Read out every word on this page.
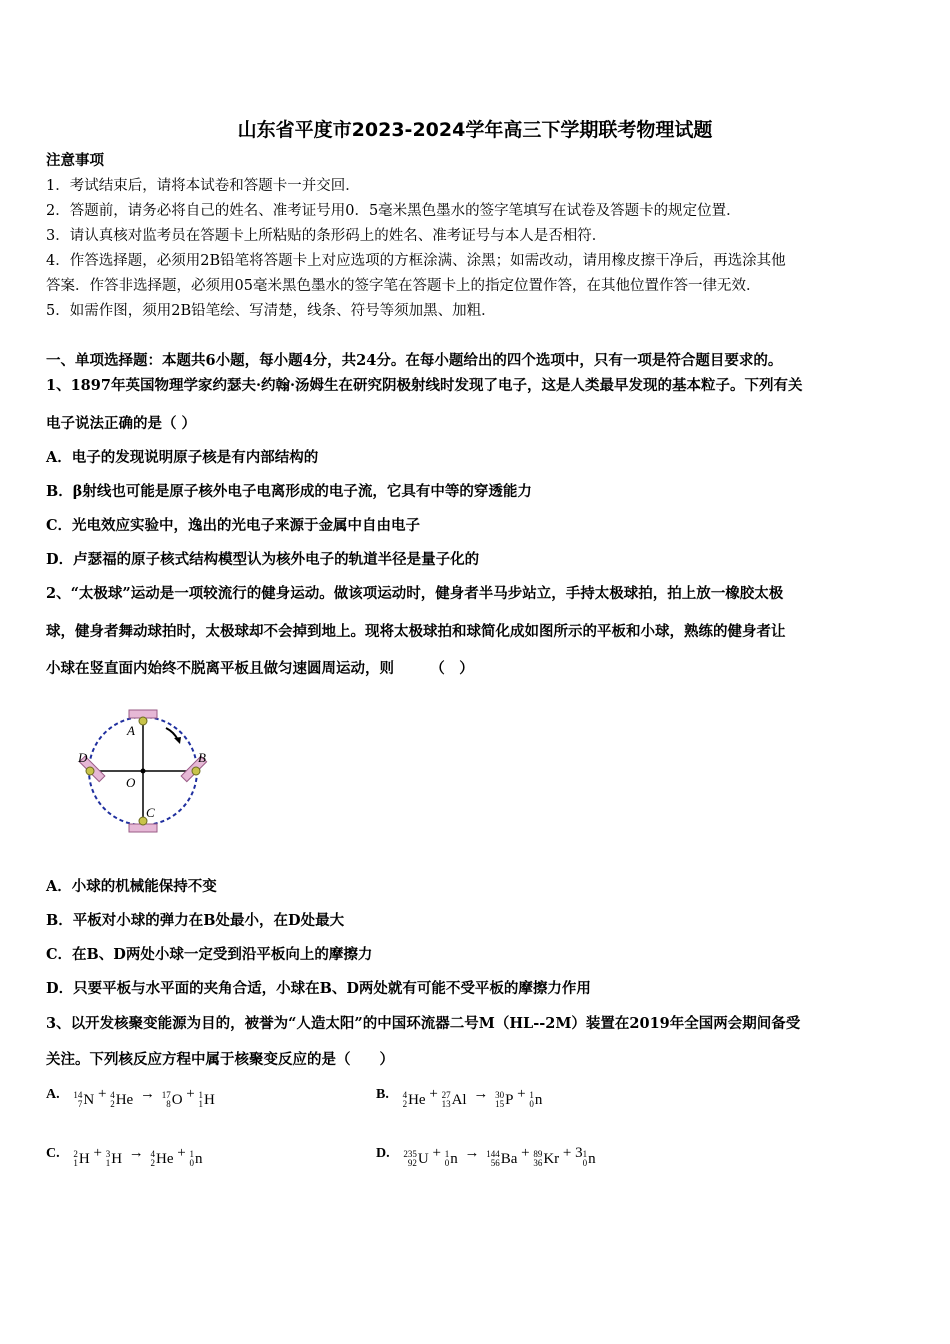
山东省平度市2023-2024学年高三下学期联考物理试题
注意事项
1．考试结束后，请将本试卷和答题卡一并交回．
2．答题前，请务必将自己的姓名、准考证号用0．5毫米黑色墨水的签字笔填写在试卷及答题卡的规定位置．
3．请认真核对监考员在答题卡上所粘贴的条形码上的姓名、准考证号与本人是否相符．
4．作答选择题，必须用2B铅笔将答题卡上对应选项的方框涂满、涂黑；如需改动，请用橡皮擦干净后，再选涂其他
答案．作答非选择题，必须用05毫米黑色墨水的签字笔在答题卡上的指定位置作答，在其他位置作答一律无效．
5．如需作图，须用2B铅笔绘、写清楚，线条、符号等须加黑、加粗．
一、单项选择题：本题共6小题，每小题4分，共24分。在每小题给出的四个选项中，只有一项是符合题目要求的。
1、1897年英国物理学家约瑟夫·约翰·汤姆生在研究阴极射线时发现了电子，这是人类最早发现的基本粒子。下列有关
电子说法正确的是（ ）
A．电子的发现说明原子核是有内部结构的
B．β射线也可能是原子核外电子电离形成的电子流，它具有中等的穿透能力
C．光电效应实验中，逸出的光电子来源于金属中自由电子
D．卢瑟福的原子核式结构模型认为核外电子的轨道半径是量子化的
2、“太极球”运动是一项较流行的健身运动。做该项运动时，健身者半马步站立，手持太极球拍，拍上放一橡胶太极
球，健身者舞动球拍时，太极球却不会掉到地上。现将太极球拍和球简化成如图所示的平板和小球，熟练的健身者让
小球在竖直面内始终不脱离平板且做匀速圆周运动，则　　　（　）
A
B
C
D
O
A．小球的机械能保持不变
B．平板对小球的弹力在B处最小，在D处最大
C．在B、D两处小球一定受到沿平板向上的摩擦力
D．只要平板与水平面的夹角合适，小球在B、D两处就有可能不受平板的摩擦力作用
3、以开发核聚变能源为目的，被誉为“人造太阳”的中国环流器二号M（HL--2M）装置在2019年全国两会期间备受
关注。下列核反应方程中属于核聚变反应的是（　　）
A. 14
7 N + 4
2 He → 17
8 O + 1
1 H	B. 4
2 He + 27
13 Al → 30
15 P + 1
0 n
C. 2
1 H + 3
1 H → 4
2 He + 1
0 n	D. 235
92 U + 1
0 n → 144
56 Ba + 89
36 Kr + 3 1
0 n
